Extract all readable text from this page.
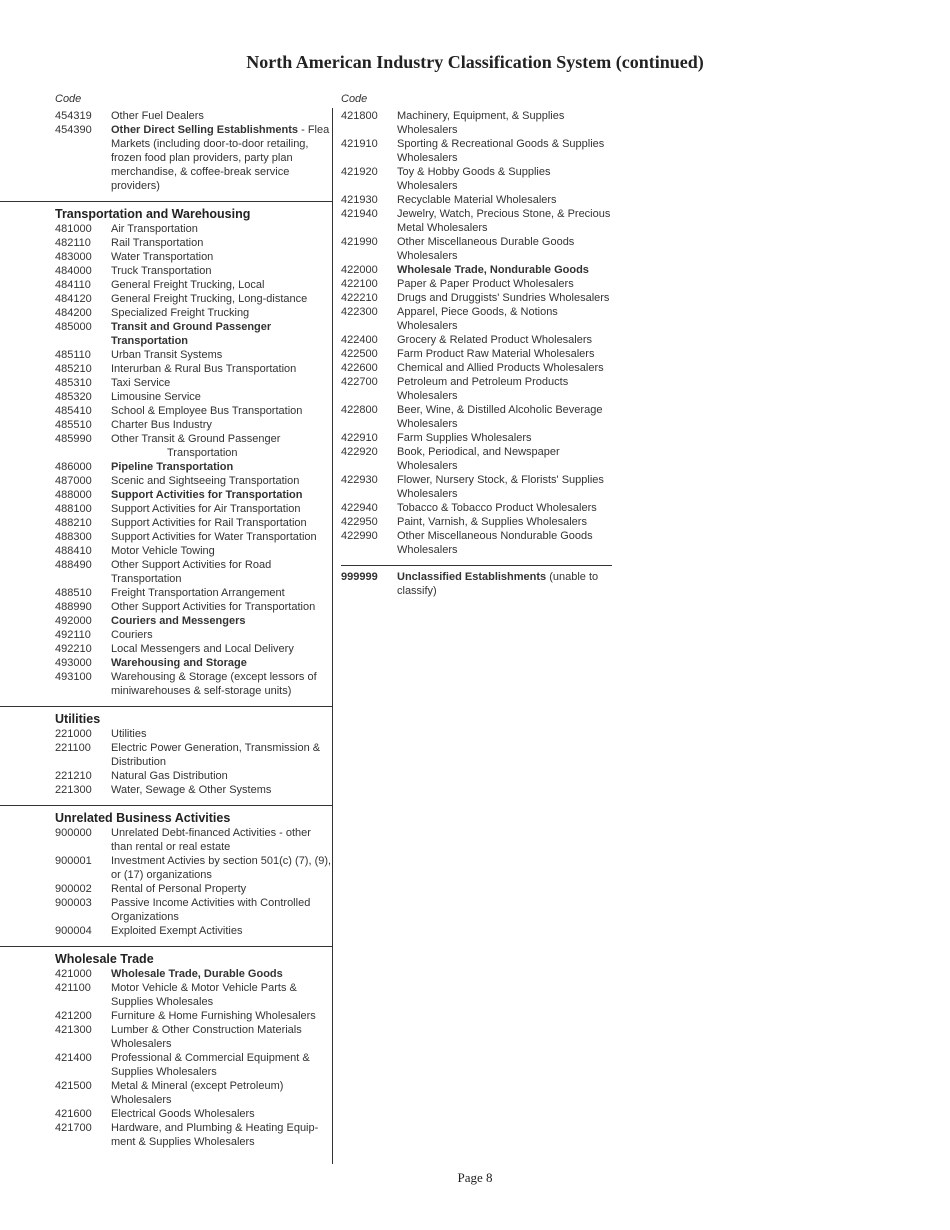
North American Industry Classification System (continued)
Code
454319	Other Fuel Dealers
454390	Other Direct Selling Establishments - Flea Markets (including door-to-door retailing, frozen food plan providers, party plan merchandise, & coffee-break service providers)
Transportation and Warehousing
481000	Air Transportation
482110	Rail Transportation
483000	Water Transportation
484000	Truck Transportation
484110	General Freight Trucking, Local
484120	General Freight Trucking, Long-distance
484200	Specialized Freight Trucking
485000	Transit and Ground Passenger Transportation
485110	Urban Transit Systems
485210	Interurban & Rural Bus Transportation
485310	Taxi Service
485320	Limousine Service
485410	School & Employee Bus Transportation
485510	Charter Bus Industry
485990	Other Transit & Ground Passenger
Transportation
486000	Pipeline Transportation
487000	Scenic and Sightseeing Transportation
488000	Support Activities for Transportation
488100	Support Activities for Air Transportation
488210	Support Activities for Rail Transportation
488300	Support Activities for Water Transportation
488410	Motor Vehicle Towing
488490	Other Support Activities for Road Transportation
488510	Freight Transportation Arrangement
488990	Other Support Activities for Transportation
492000	Couriers and Messengers
492110	Couriers
492210	Local Messengers and Local Delivery
493000	Warehousing and Storage
493100	Warehousing & Storage (except lessors of miniwarehouses & self-storage units)
Utilities
221000	Utilities
221100	Electric Power Generation, Transmission & Distribution
221210	Natural Gas Distribution
221300	Water, Sewage & Other Systems
Unrelated Business Activities
900000	Unrelated Debt-financed Activities - other than rental or real estate
900001	Investment Activies by section 501(c) (7), (9), or (17) organizations
900002	Rental of Personal Property
900003	Passive Income Activities with Controlled Organizations
900004	Exploited Exempt Activities
Wholesale Trade
421000	Wholesale Trade, Durable Goods
421100	Motor Vehicle & Motor Vehicle Parts & Supplies Wholesales
421200	Furniture & Home Furnishing Wholesalers
421300	Lumber & Other Construction Materials Wholesalers
421400	Professional & Commercial Equipment & Supplies Wholesalers
421500	Metal & Mineral (except Petroleum) Wholesalers
421600	Electrical Goods Wholesalers
421700	Hardware, and Plumbing & Heating Equip-ment & Supplies Wholesalers
Code
421800	Machinery, Equipment, & Supplies Wholesalers
421910	Sporting & Recreational Goods & Supplies Wholesalers
421920	Toy & Hobby Goods & Supplies Wholesalers
421930	Recyclable Material Wholesalers
421940	Jewelry, Watch, Precious Stone, & Precious Metal Wholesalers
421990	Other Miscellaneous Durable Goods Wholesalers
422000	Wholesale Trade, Nondurable Goods
422100	Paper & Paper Product Wholesalers
422210	Drugs and Druggists' Sundries Wholesalers
422300	Apparel, Piece Goods, & Notions Wholesalers
422400	Grocery & Related Product Wholesalers
422500	Farm Product Raw Material Wholesalers
422600	Chemical and Allied Products Wholesalers
422700	Petroleum and Petroleum Products Wholesalers
422800	Beer, Wine, & Distilled Alcoholic Beverage Wholesalers
422910	Farm Supplies Wholesalers
422920	Book, Periodical, and Newspaper Wholesalers
422930	Flower, Nursery Stock, & Florists' Supplies Wholesalers
422940	Tobacco & Tobacco Product Wholesalers
422950	Paint, Varnish, & Supplies Wholesalers
422990	Other Miscellaneous Nondurable Goods Wholesalers
999999	Unclassified Establishments (unable to classify)
Page 8
